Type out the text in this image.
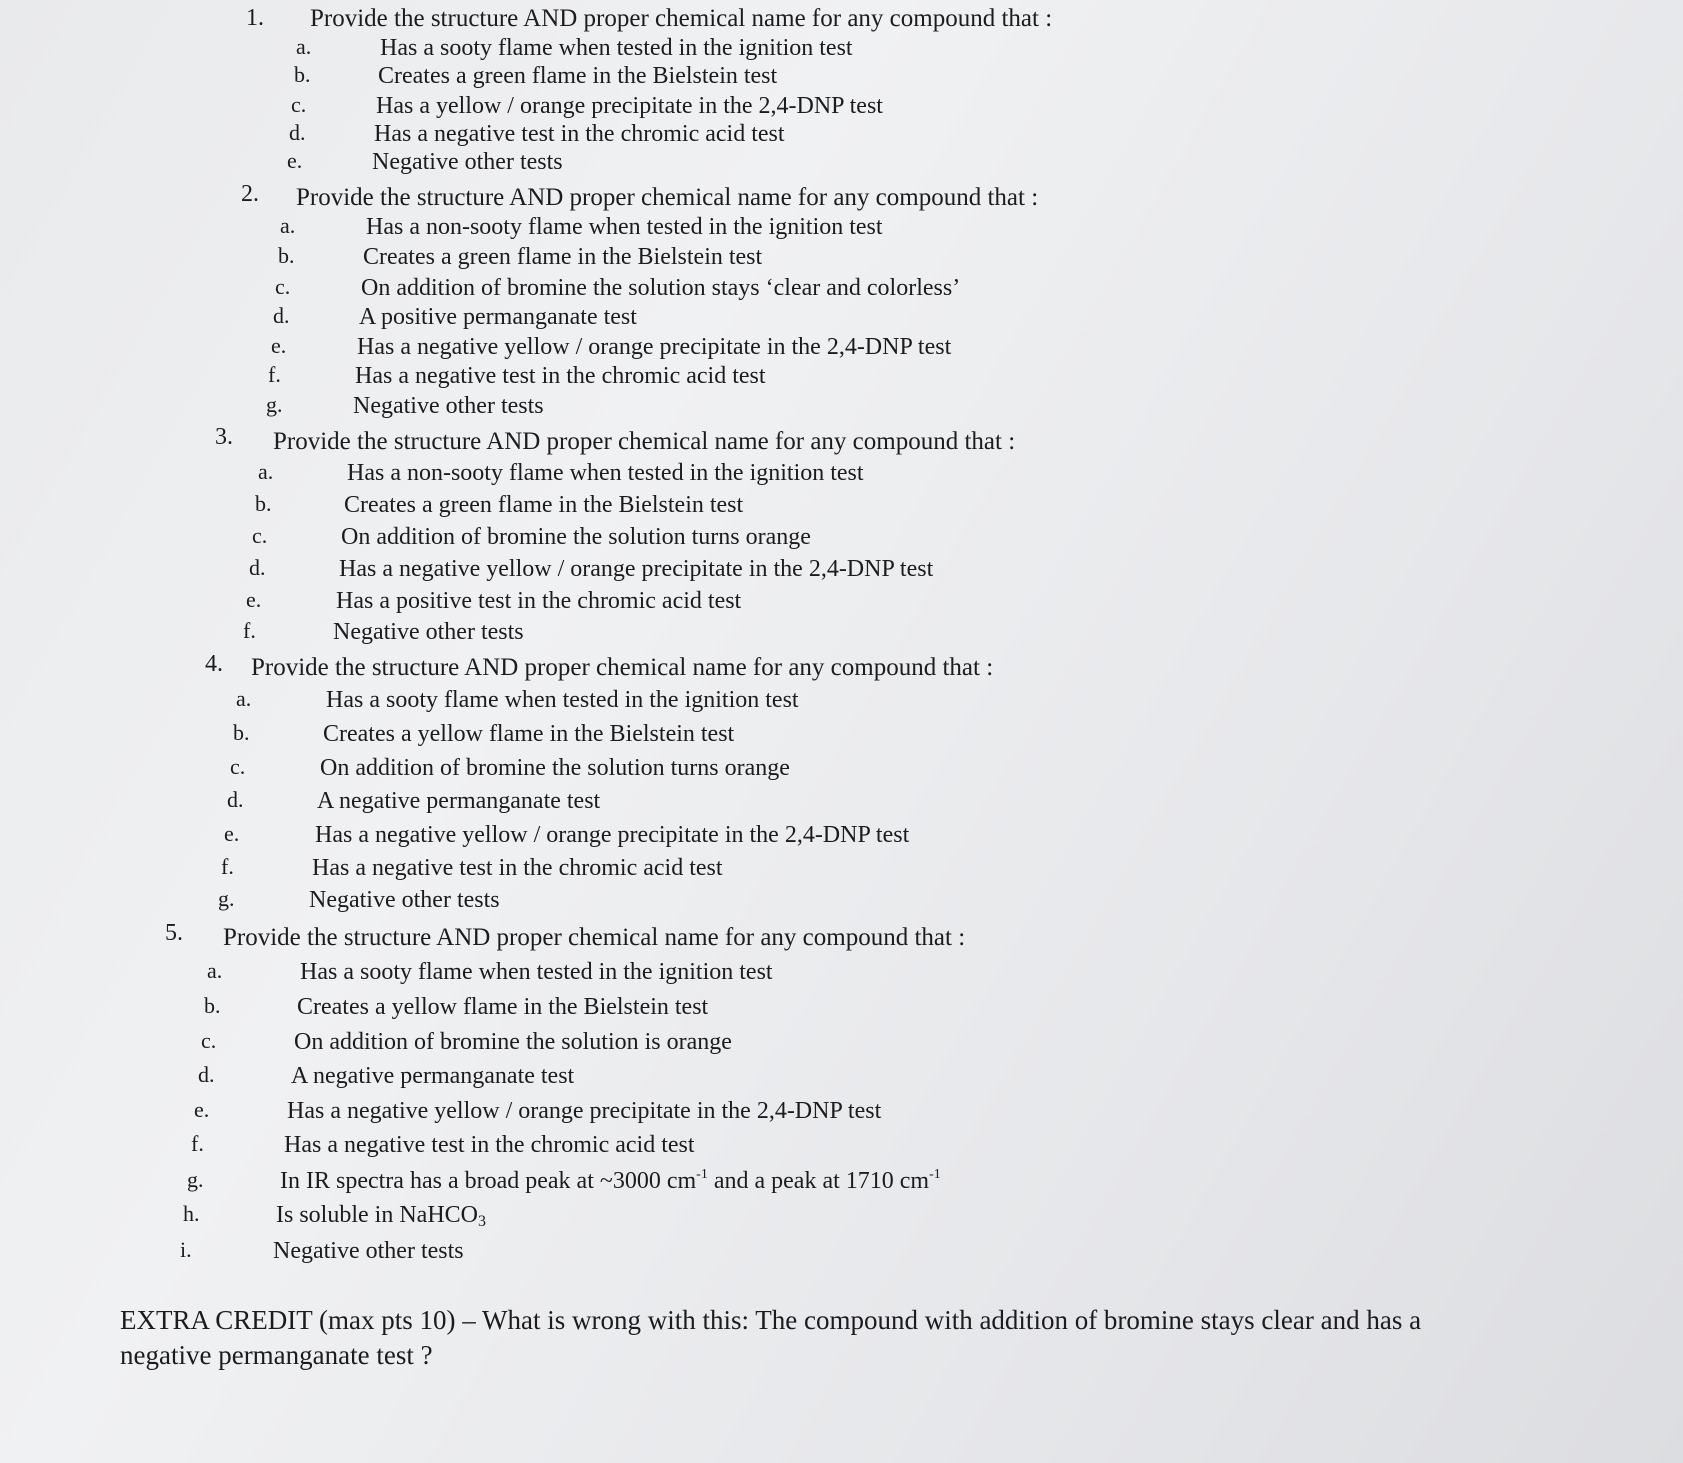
1. Provide the structure AND proper chemical name for any compound that :
a.	Has a sooty flame when tested in the ignition test
b.	Creates a green flame in the Bielstein test
c.	Has a yellow / orange precipitate in the 2,4-DNP test
d.	Has a negative test in the chromic acid test
e.	Negative other tests
2. Provide the structure AND proper chemical name for any compound that :
a.	Has a non-sooty flame when tested in the ignition test
b.	Creates a green flame in the Bielstein test
c.	On addition of bromine the solution stays ‘clear and colorless’
d.	A positive permanganate test
e.	Has a negative yellow / orange precipitate in the 2,4-DNP test
f.	Has a negative test in the chromic acid test
g.	Negative other tests
3. Provide the structure AND proper chemical name for any compound that :
a.	Has a non-sooty flame when tested in the ignition test
b.	Creates a green flame in the Bielstein test
c.	On addition of bromine the solution turns orange
d.	Has a negative yellow / orange precipitate in the 2,4-DNP test
e.	Has a positive test in the chromic acid test
f.	Negative other tests
4. Provide the structure AND proper chemical name for any compound that :
a.	Has a sooty flame when tested in the ignition test
b.	Creates a yellow flame in the Bielstein test
c.	On addition of bromine the solution turns orange
d.	A negative permanganate test
e.	Has a negative yellow / orange precipitate in the 2,4-DNP test
f.	Has a negative test in the chromic acid test
g.	Negative other tests
5. Provide the structure AND proper chemical name for any compound that :
a.	Has a sooty flame when tested in the ignition test
b.	Creates a yellow flame in the Bielstein test
c.	On addition of bromine the solution is orange
d.	A negative permanganate test
e.	Has a negative yellow / orange precipitate in the 2,4-DNP test
f.	Has a negative test in the chromic acid test
g.	In IR spectra has a broad peak at ~3000 $cm^{-1}$ and a peak at 1710 $cm^{-1}$
h.	Is soluble in NaHCO$_3$
i.	Negative other tests
EXTRA CREDIT (max pts 10) – What is wrong with this: The compound with addition of bromine stays clear and has a negative permanganate test ?
